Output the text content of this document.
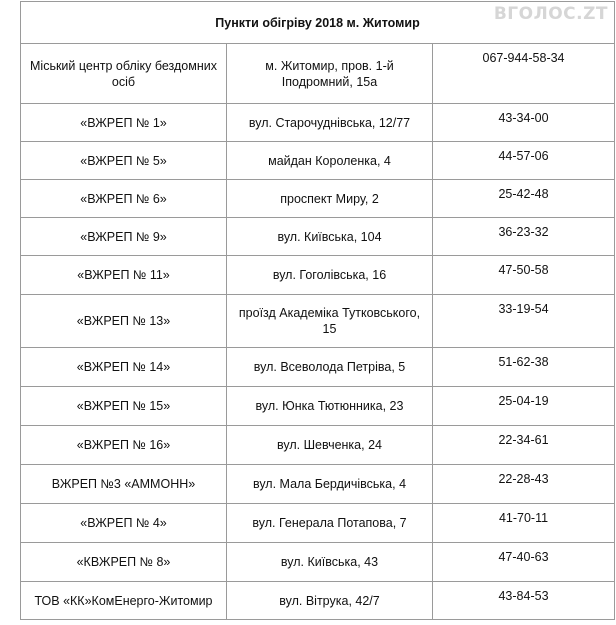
ВГОЛОС.ZT
Пункти обігріву 2018 м. Житомир		
Міський центр обліку бездомних осіб	м. Житомир, пров. 1-й Іподромний, 15а	067-944-58-34
«ВЖРЕП № 1»	вул. Старочуднівська, 12/77	43-34-00
«ВЖРЕП № 5»	майдан Короленка, 4	44-57-06
«ВЖРЕП № 6»	проспект Миру, 2	25-42-48
«ВЖРЕП № 9»	вул. Київська, 104	36-23-32
«ВЖРЕП № 11»	вул. Гоголівська, 16	47-50-58
«ВЖРЕП № 13»	проїзд Академіка Тутковського, 15	33-19-54
«ВЖРЕП № 14»	вул. Всеволода Петріва, 5	51-62-38
«ВЖРЕП № 15»	вул. Юнка Тютюнника, 23	25-04-19
«ВЖРЕП № 16»	вул. Шевченка, 24	22-34-61
ВЖРЕП №3 «АММОНН»	вул. Мала Бердичівська, 4	22-28-43
«ВЖРЕП № 4»	вул. Генерала Потапова, 7	41-70-11
«КВЖРЕП № 8»	вул. Київська, 43	47-40-63
ТОВ «КК»КомЕнерго-Житомир	вул. Вітрука, 42/7	43-84-53
